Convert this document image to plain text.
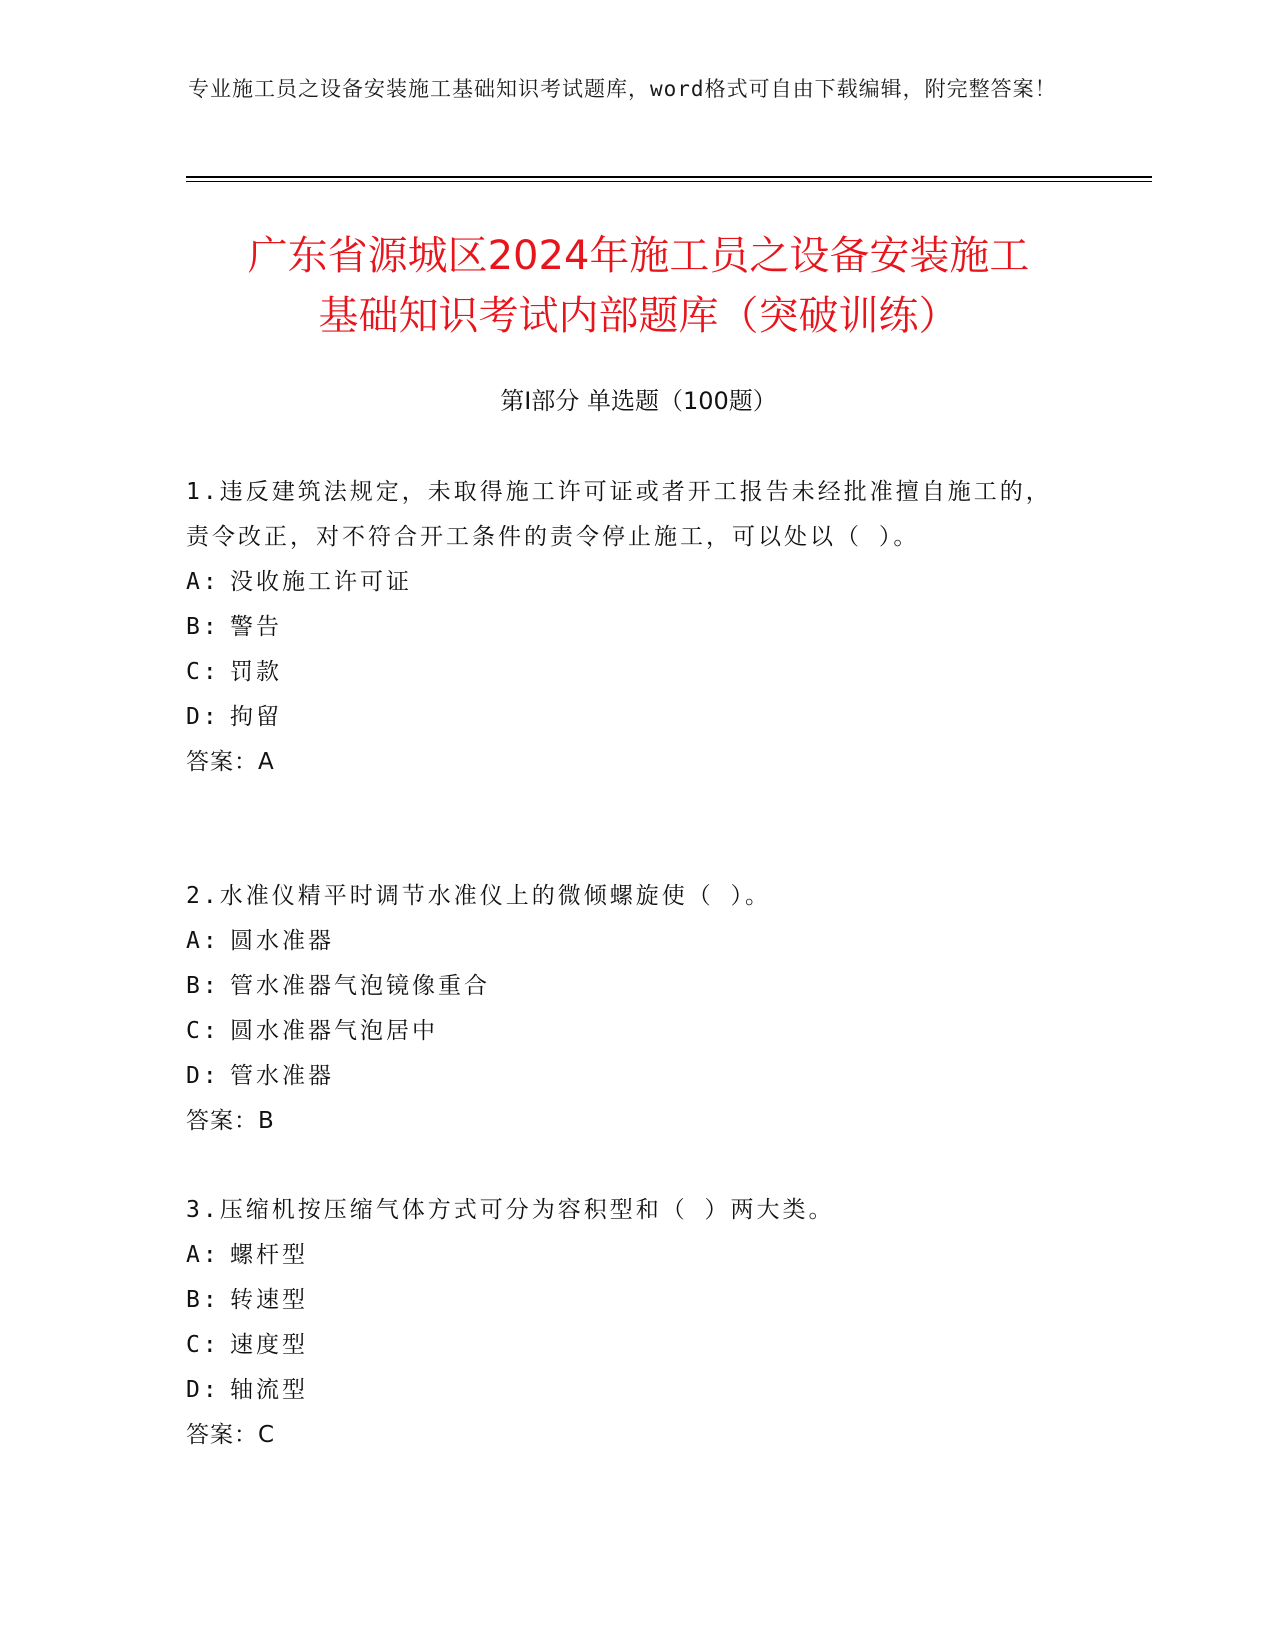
专业施工员之设备安装施工基础知识考试题库，word格式可自由下载编辑，附完整答案！
广东省源城区2024年施工员之设备安装施工
基础知识考试内部题库（突破训练）
第Ⅰ部分 单选题（100题）
1.违反建筑法规定，未取得施工许可证或者开工报告未经批准擅自施工的，责令改正，对不符合开工条件的责令停止施工，可以处以（ ）。
A: 没收施工许可证
B: 警告
C: 罚款
D: 拘留
答案：A
2.水准仪精平时调节水准仪上的微倾螺旋使（ ）。
A: 圆水准器
B: 管水准器气泡镜像重合
C: 圆水准器气泡居中
D: 管水准器
答案：B
3.压缩机按压缩气体方式可分为容积型和（ ）两大类。
A: 螺杆型
B: 转速型
C: 速度型
D: 轴流型
答案：C
